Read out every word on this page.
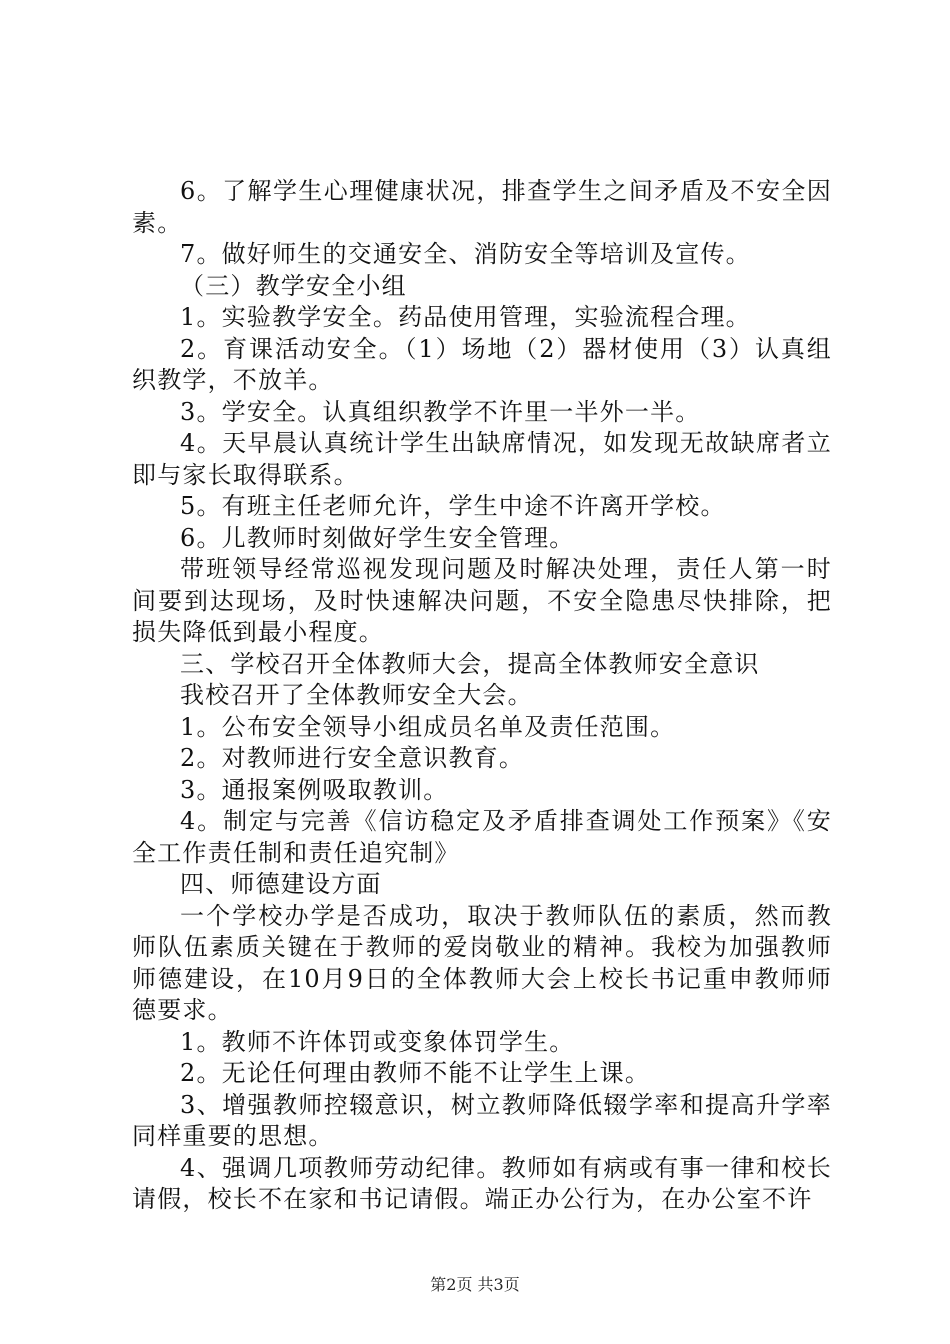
6。了解学生心理健康状况，排查学生之间矛盾及不安全因素。

7。做好师生的交通安全、消防安全等培训及宣传。

（三）教学安全小组

1。实验教学安全。药品使用管理，实验流程合理。

2。育课活动安全。（1）场地（2）器材使用（3）认真组织教学，不放羊。

3。学安全。认真组织教学不许里一半外一半。

4。天早晨认真统计学生出缺席情况，如发现无故缺席者立即与家长取得联系。

5。有班主任老师允许，学生中途不许离开学校。

6。儿教师时刻做好学生安全管理。

带班领导经常巡视发现问题及时解决处理，责任人第一时间要到达现场，及时快速解决问题，不安全隐患尽快排除，把损失降低到最小程度。

三、学校召开全体教师大会，提高全体教师安全意识

我校召开了全体教师安全大会。

1。公布安全领导小组成员名单及责任范围。

2。对教师进行安全意识教育。

3。通报案例吸取教训。

4。制定与完善《信访稳定及矛盾排查调处工作预案》《安全工作责任制和责任追究制》

四、师德建设方面

一个学校办学是否成功，取决于教师队伍的素质，然而教师队伍素质关键在于教师的爱岗敬业的精神。我校为加强教师师德建设，在10月9日的全体教师大会上校长书记重申教师师德要求。

1。教师不许体罚或变象体罚学生。

2。无论任何理由教师不能不让学生上课。

3、增强教师控辍意识，树立教师降低辍学率和提高升学率同样重要的思想。

4、强调几项教师劳动纪律。教师如有病或有事一律和校长请假，校长不在家和书记请假。端正办公行为，在办公室不许

第2页 共3页
